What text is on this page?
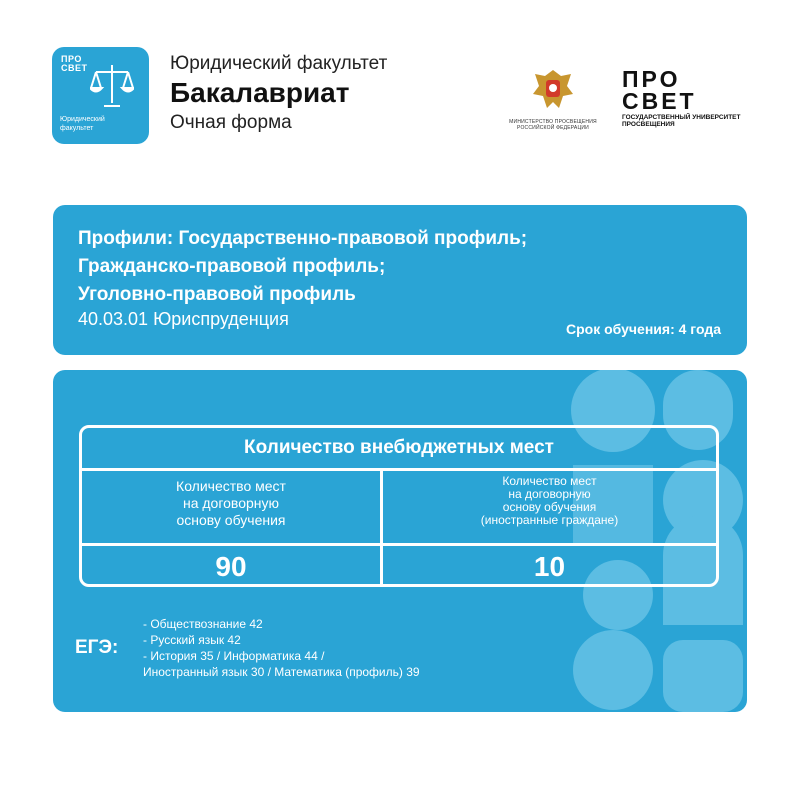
ПРО
СВЕТ
Юридический
факультет

Юридический факультет

Бакалавриат

Очная форма	МИНИСТЕРСТВО ПРОСВЕЩЕНИЯ
РОССИЙСКОЙ ФЕДЕРАЦИИ
ПРО
СВЕТ
ГОСУДАРСТВЕННЫЙ УНИВЕРСИТЕТ
ПРОСВЕЩЕНИЯ
Профили: Государственно-правовой профиль;
Гражданско-правовой профиль;
Уголовно-правовой профиль

40.03.01 Юриспруденция	Срок обучения: 4 года

Количество внебюджетных мест
Количество мест
на договорную
основу обучения
90
Количество мест
на договорную
основу обучения
(иностранные граждане)
10

ЕГЭ:

- Обществознание 42
- Русский язык 42
- История 35 / Информатика 44 /
Иностранный язык 30 / Математика (профиль) 39
